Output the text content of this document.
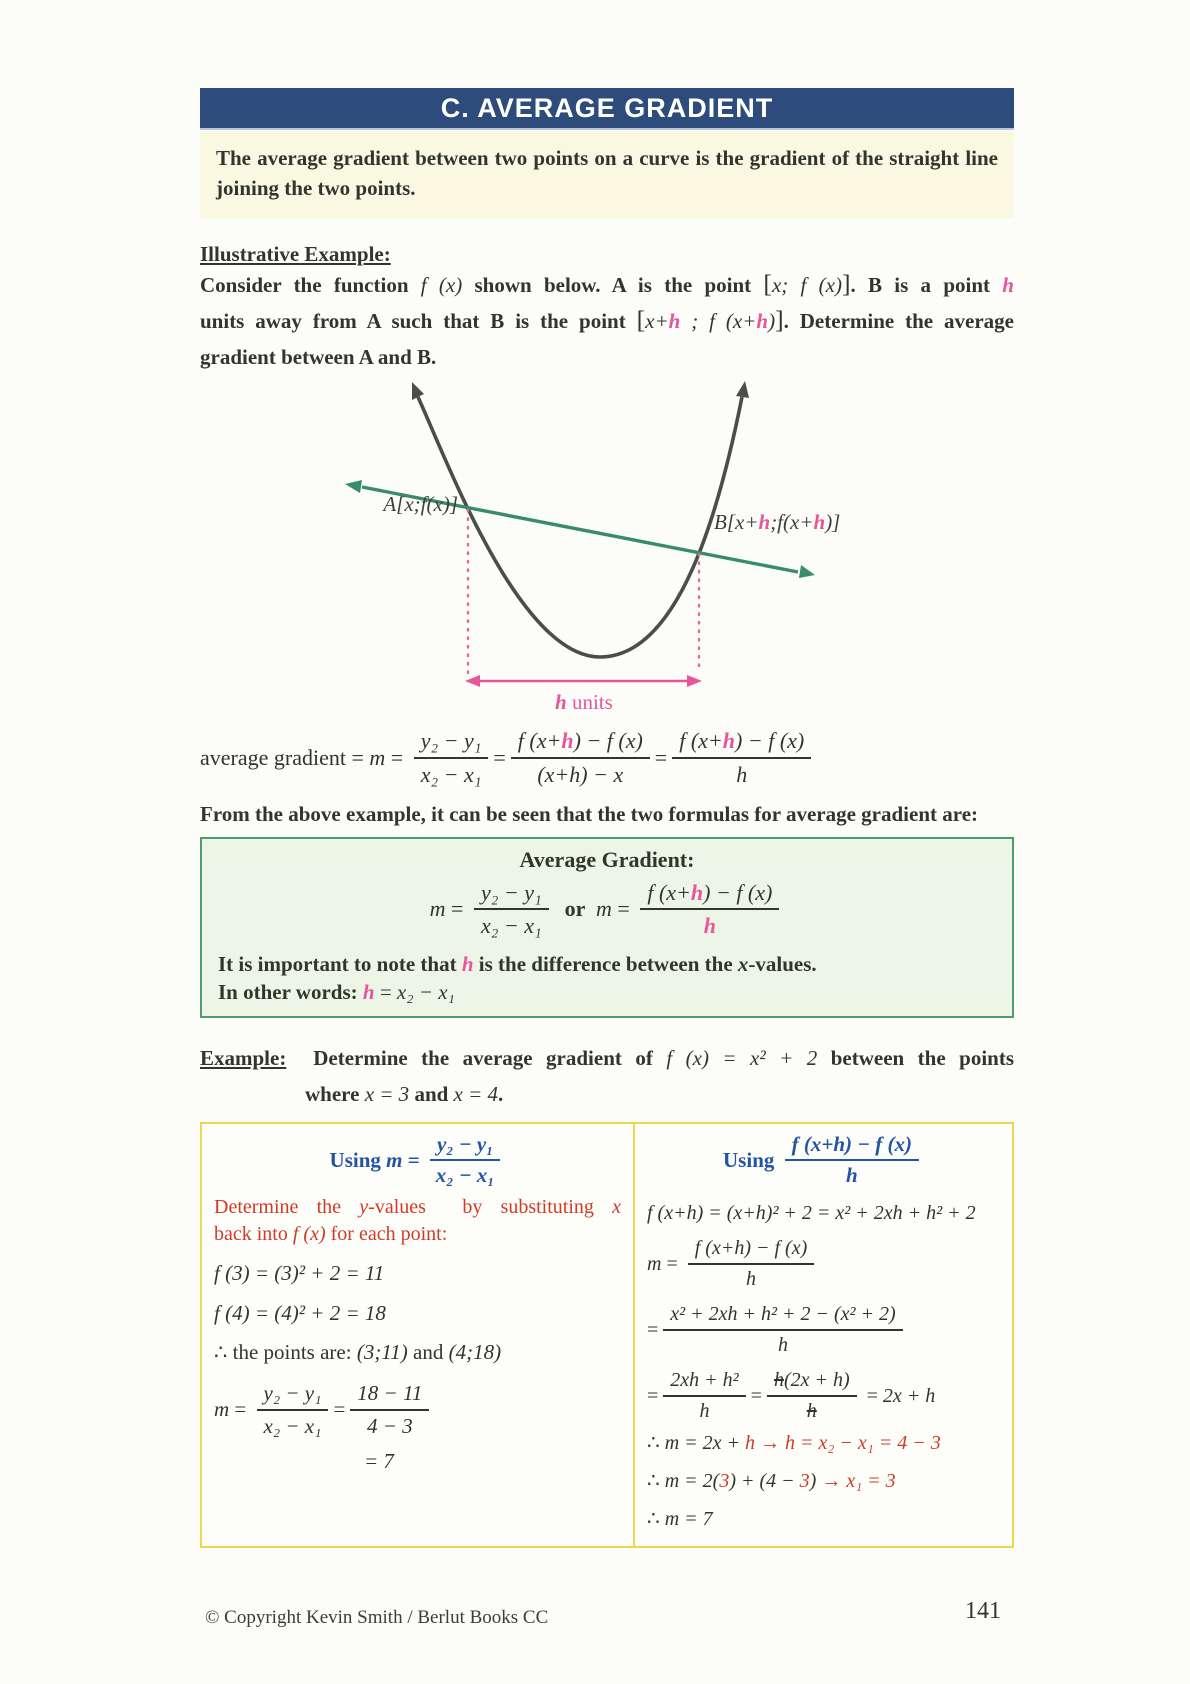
C. AVERAGE GRADIENT
The average gradient between two points on a curve is the gradient of the straight line joining the two points.
Illustrative Example:
Consider the function f (x) shown below. A is the point [x; f (x)]. B is a point h
units away from A such that B is the point [x+h ; f (x+h)]. Determine the average
gradient between A and B.
A[x;f(x)]
B[x+h;f(x+h)]
h units
average gradient = $m = \frac{\text{y₂ − y₁}}{\text{x₂ − x₁}} = \frac{f (x+h) - f (x)}{(x+h) - x} = \frac{f (x+h) - f (x)}{h}$
From the above example, it can be seen that the two formulas for average gradient are:
Average Gradient:
$m = \frac{\text{y₂ − y₁}}{\text{x₂ − x₁}}$ or  $m = \frac{f (x+h) - f (x)}{h}$
It is important to note that h is the difference between the x-values.
In other words: h = x₂ − x₁
Example:  Determine the average gradient of f (x) = x² + 2 between the points
where x = 3 and x = 4.
Using $m = \frac{\text{y₂ − y₁}}{\text{x₂ − x₁}}$
Determine the y-values  by substituting x
back into f (x) for each point:
f (3) = (3)² + 2 = 11
f (4) = (4)² + 2 = 18
∴ the points are: (3;11) and (4;18)
$m = \frac{\text{y₂ − y₁}}{\text{x₂ − x₁}} = \frac{18 - 11}{4 - 3}$
= 7
Using $\frac{f (x+h) - f (x)}{h}$
f (x+h) = (x+h)² + 2 = x² + 2xh + h² + 2
$m = \frac{f (x+h) - f (x)}{h}$
= $\frac{\text{x² + 2xh + h² + 2 − (x² + 2)}}{h}$
= $\frac{\text{2xh + h²}}{h} = \frac{h(2x + h)}{h} = 2x + h$
∴ m = 2x + h → h = x₂ − x₁ = 4 − 3
∴ m = 2(3) + (4 − 3) → x₁ = 3
∴ m = 7
© Copyright Kevin Smith / Berlut Books CC	141
